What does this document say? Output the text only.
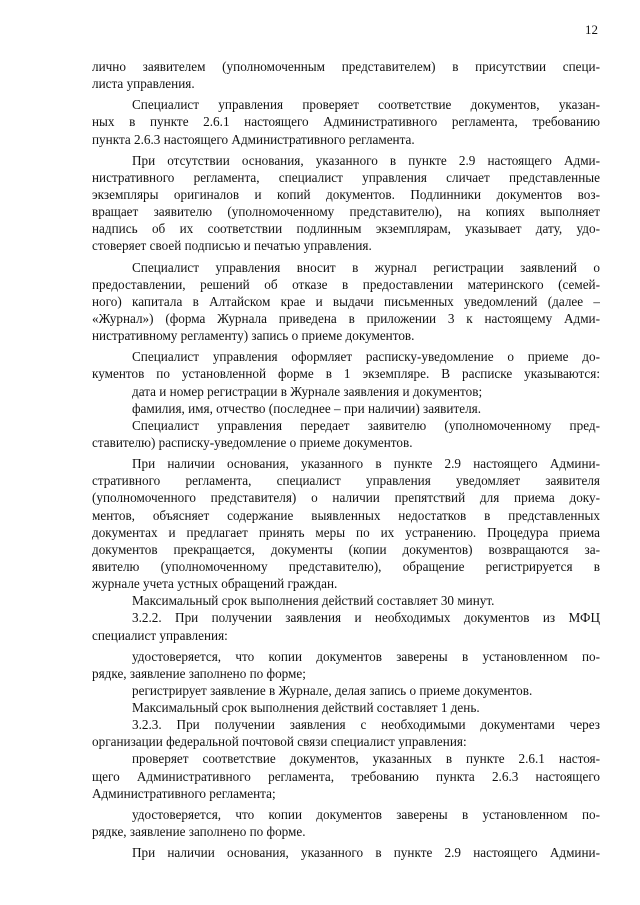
12
лично заявителем (уполномоченным представителем) в присутствии специ-
листа управления.
Специалист управления проверяет соответствие документов, указан-
ных в пункте 2.6.1 настоящего Административного регламента, требованию
пункта 2.6.3 настоящего Административного регламента.
При отсутствии основания, указанного в пункте 2.9 настоящего Адми-
нистративного регламента, специалист управления сличает представленные
экземпляры оригиналов и копий документов. Подлинники документов воз-
вращает заявителю (уполномоченному представителю), на копиях выполняет
надпись об их соответствии подлинным экземплярам, указывает дату, удо-
стоверяет своей подписью и печатью управления.
Специалист управления вносит в журнал регистрации заявлений о
предоставлении, решений об отказе в предоставлении материнского (семей-
ного) капитала в Алтайском крае и выдачи письменных уведомлений (далее –
«Журнал») (форма Журнала приведена в приложении 3 к настоящему Адми-
нистративному регламенту) запись о приеме документов.
Специалист управления оформляет расписку-уведомление о приеме до-
кументов по установленной форме в 1 экземпляре. В расписке указываются:
дата и номер регистрации в Журнале заявления и документов;
фамилия, имя, отчество (последнее – при наличии) заявителя.
Специалист управления передает заявителю (уполномоченному пред-
ставителю) расписку-уведомление о приеме документов.
При наличии основания, указанного в пункте 2.9 настоящего Админи-
стративного регламента, специалист управления уведомляет заявителя
(уполномоченного представителя) о наличии препятствий для приема доку-
ментов, объясняет содержание выявленных недостатков в представленных
документах и предлагает принять меры по их устранению. Процедура приема
документов прекращается, документы (копии документов) возвращаются за-
явителю (уполномоченному представителю), обращение регистрируется в
журнале учета устных обращений граждан.
Максимальный срок выполнения действий составляет 30 минут.
3.2.2. При получении заявления и необходимых документов из МФЦ
специалист управления:
удостоверяется, что копии документов заверены в установленном по-
рядке, заявление заполнено по форме;
регистрирует заявление в Журнале, делая запись о приеме документов.
Максимальный срок выполнения действий составляет 1 день.
3.2.3. При получении заявления с необходимыми документами через
организации федеральной почтовой связи специалист управления:
проверяет соответствие документов, указанных в пункте 2.6.1 настоя-
щего Административного регламента, требованию пункта 2.6.3 настоящего
Административного регламента;
удостоверяется, что копии документов заверены в установленном по-
рядке, заявление заполнено по форме.
При наличии основания, указанного в пункте 2.9 настоящего Админи-
